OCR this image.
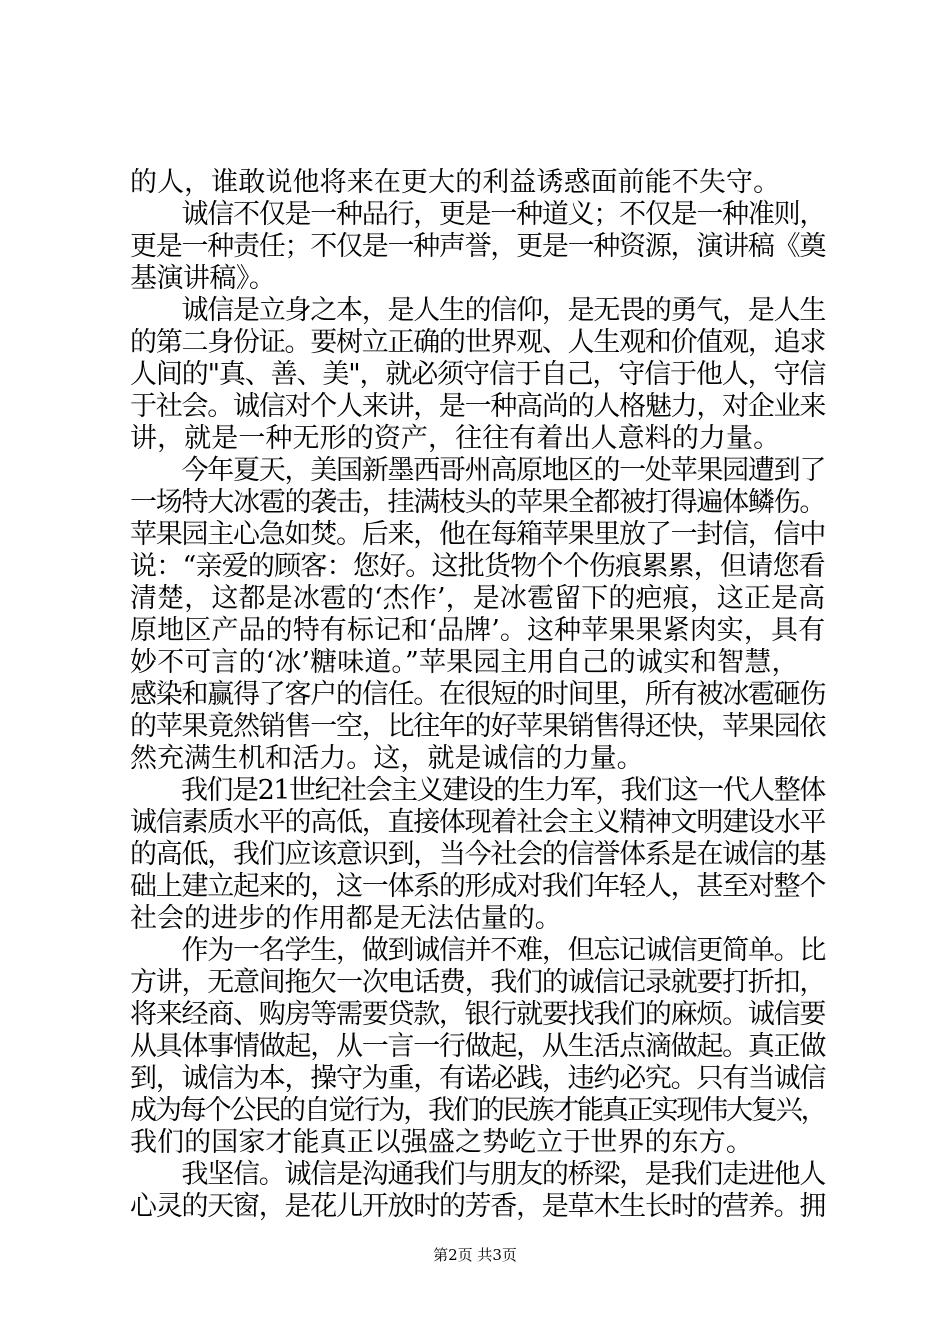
的人，谁敢说他将来在更大的利益诱惑面前能不失守。
　　诚信不仅是一种品行，更是一种道义；不仅是一种准则，
更是一种责任；不仅是一种声誉，更是一种资源，演讲稿《奠
基演讲稿》。
　　诚信是立身之本，是人生的信仰，是无畏的勇气，是人生
的第二身份证。要树立正确的世界观、人生观和价值观，追求
人间的"真、善、美"，就必须守信于自己，守信于他人，守信
于社会。诚信对个人来讲，是一种高尚的人格魅力，对企业来
讲，就是一种无形的资产，往往有着出人意料的力量。
　　今年夏天，美国新墨西哥州高原地区的一处苹果园遭到了
一场特大冰雹的袭击，挂满枝头的苹果全都被打得遍体鳞伤。
苹果园主心急如焚。后来，他在每箱苹果里放了一封信，信中
说：“亲爱的顾客：您好。这批货物个个伤痕累累，但请您看
清楚，这都是冰雹的‘杰作’，是冰雹留下的疤痕，这正是高
原地区产品的特有标记和‘品牌’。这种苹果果紧肉实，具有
妙不可言的‘冰’糖味道。”苹果园主用自己的诚实和智慧，
感染和赢得了客户的信任。在很短的时间里，所有被冰雹砸伤
的苹果竟然销售一空，比往年的好苹果销售得还快，苹果园依
然充满生机和活力。这，就是诚信的力量。
　　我们是21世纪社会主义建设的生力军，我们这一代人整体
诚信素质水平的高低，直接体现着社会主义精神文明建设水平
的高低，我们应该意识到，当今社会的信誉体系是在诚信的基
础上建立起来的，这一体系的形成对我们年轻人，甚至对整个
社会的进步的作用都是无法估量的。
　　作为一名学生，做到诚信并不难，但忘记诚信更简单。比
方讲，无意间拖欠一次电话费，我们的诚信记录就要打折扣，
将来经商、购房等需要贷款，银行就要找我们的麻烦。诚信要
从具体事情做起，从一言一行做起，从生活点滴做起。真正做
到，诚信为本，操守为重，有诺必践，违约必究。只有当诚信
成为每个公民的自觉行为，我们的民族才能真正实现伟大复兴，
我们的国家才能真正以强盛之势屹立于世界的东方。
　　我坚信。诚信是沟通我们与朋友的桥梁，是我们走进他人
心灵的天窗，是花儿开放时的芳香，是草木生长时的营养。拥
第2页 共3页
